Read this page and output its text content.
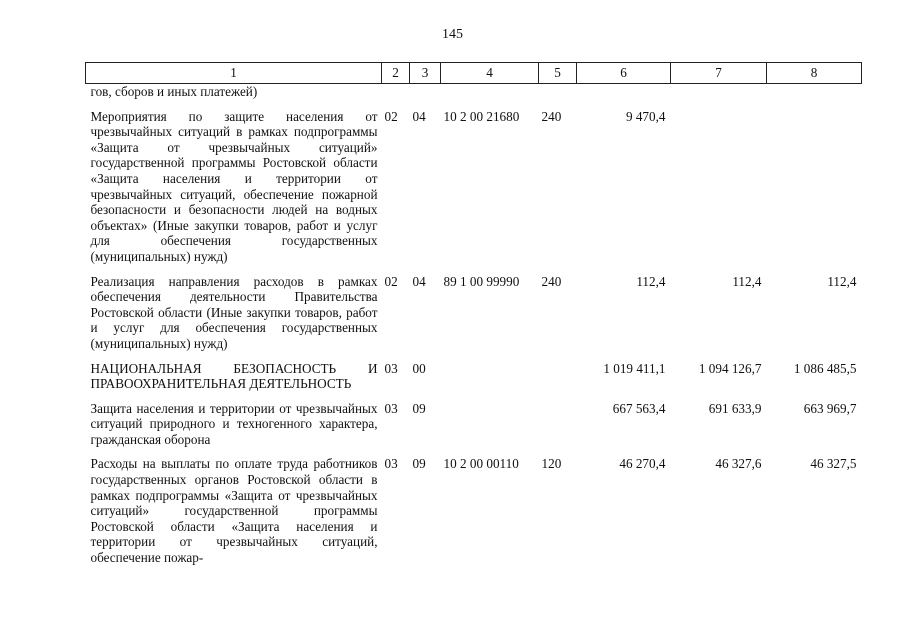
145
1	2	3	4	5	6	7	8
гов, сборов и иных платежей)							
Мероприятия по защите населения от чрезвычайных ситуаций в рамках подпрограммы «Защита от чрезвычайных ситуаций» государственной программы Ростовской области «Защита населения и территории от чрезвычайных ситуаций, обеспечение пожарной безопасности и безопасности людей на водных объектах» (Иные закупки товаров, работ и услуг для обеспечения государственных (муниципальных) нужд)	02	04	10 2 00 21680	240	9 470,4		
Реализация направления расходов в рамках обеспечения деятельности Правительства Ростовской области (Иные закупки товаров, работ и услуг для обеспечения государственных (муниципальных) нужд)	02	04	89 1 00 99990	240	112,4	112,4	112,4
НАЦИОНАЛЬНАЯ БЕЗОПАСНОСТЬ И ПРАВООХРАНИТЕЛЬНАЯ ДЕЯТЕЛЬНОСТЬ	03	00			1 019 411,1	1 094 126,7	1 086 485,5
Защита населения и территории от чрезвычайных ситуаций природного и техногенного характера, гражданская оборона	03	09			667 563,4	691 633,9	663 969,7
Расходы на выплаты по оплате труда работников государственных органов Ростовской области в рамках подпрограммы «Защита от чрезвычайных ситуаций» государственной программы Ростовской области «Защита населения и территории от чрезвычайных ситуаций, обеспечение пожар-	03	09	10 2 00 00110	120	46 270,4	46 327,6	46 327,5
